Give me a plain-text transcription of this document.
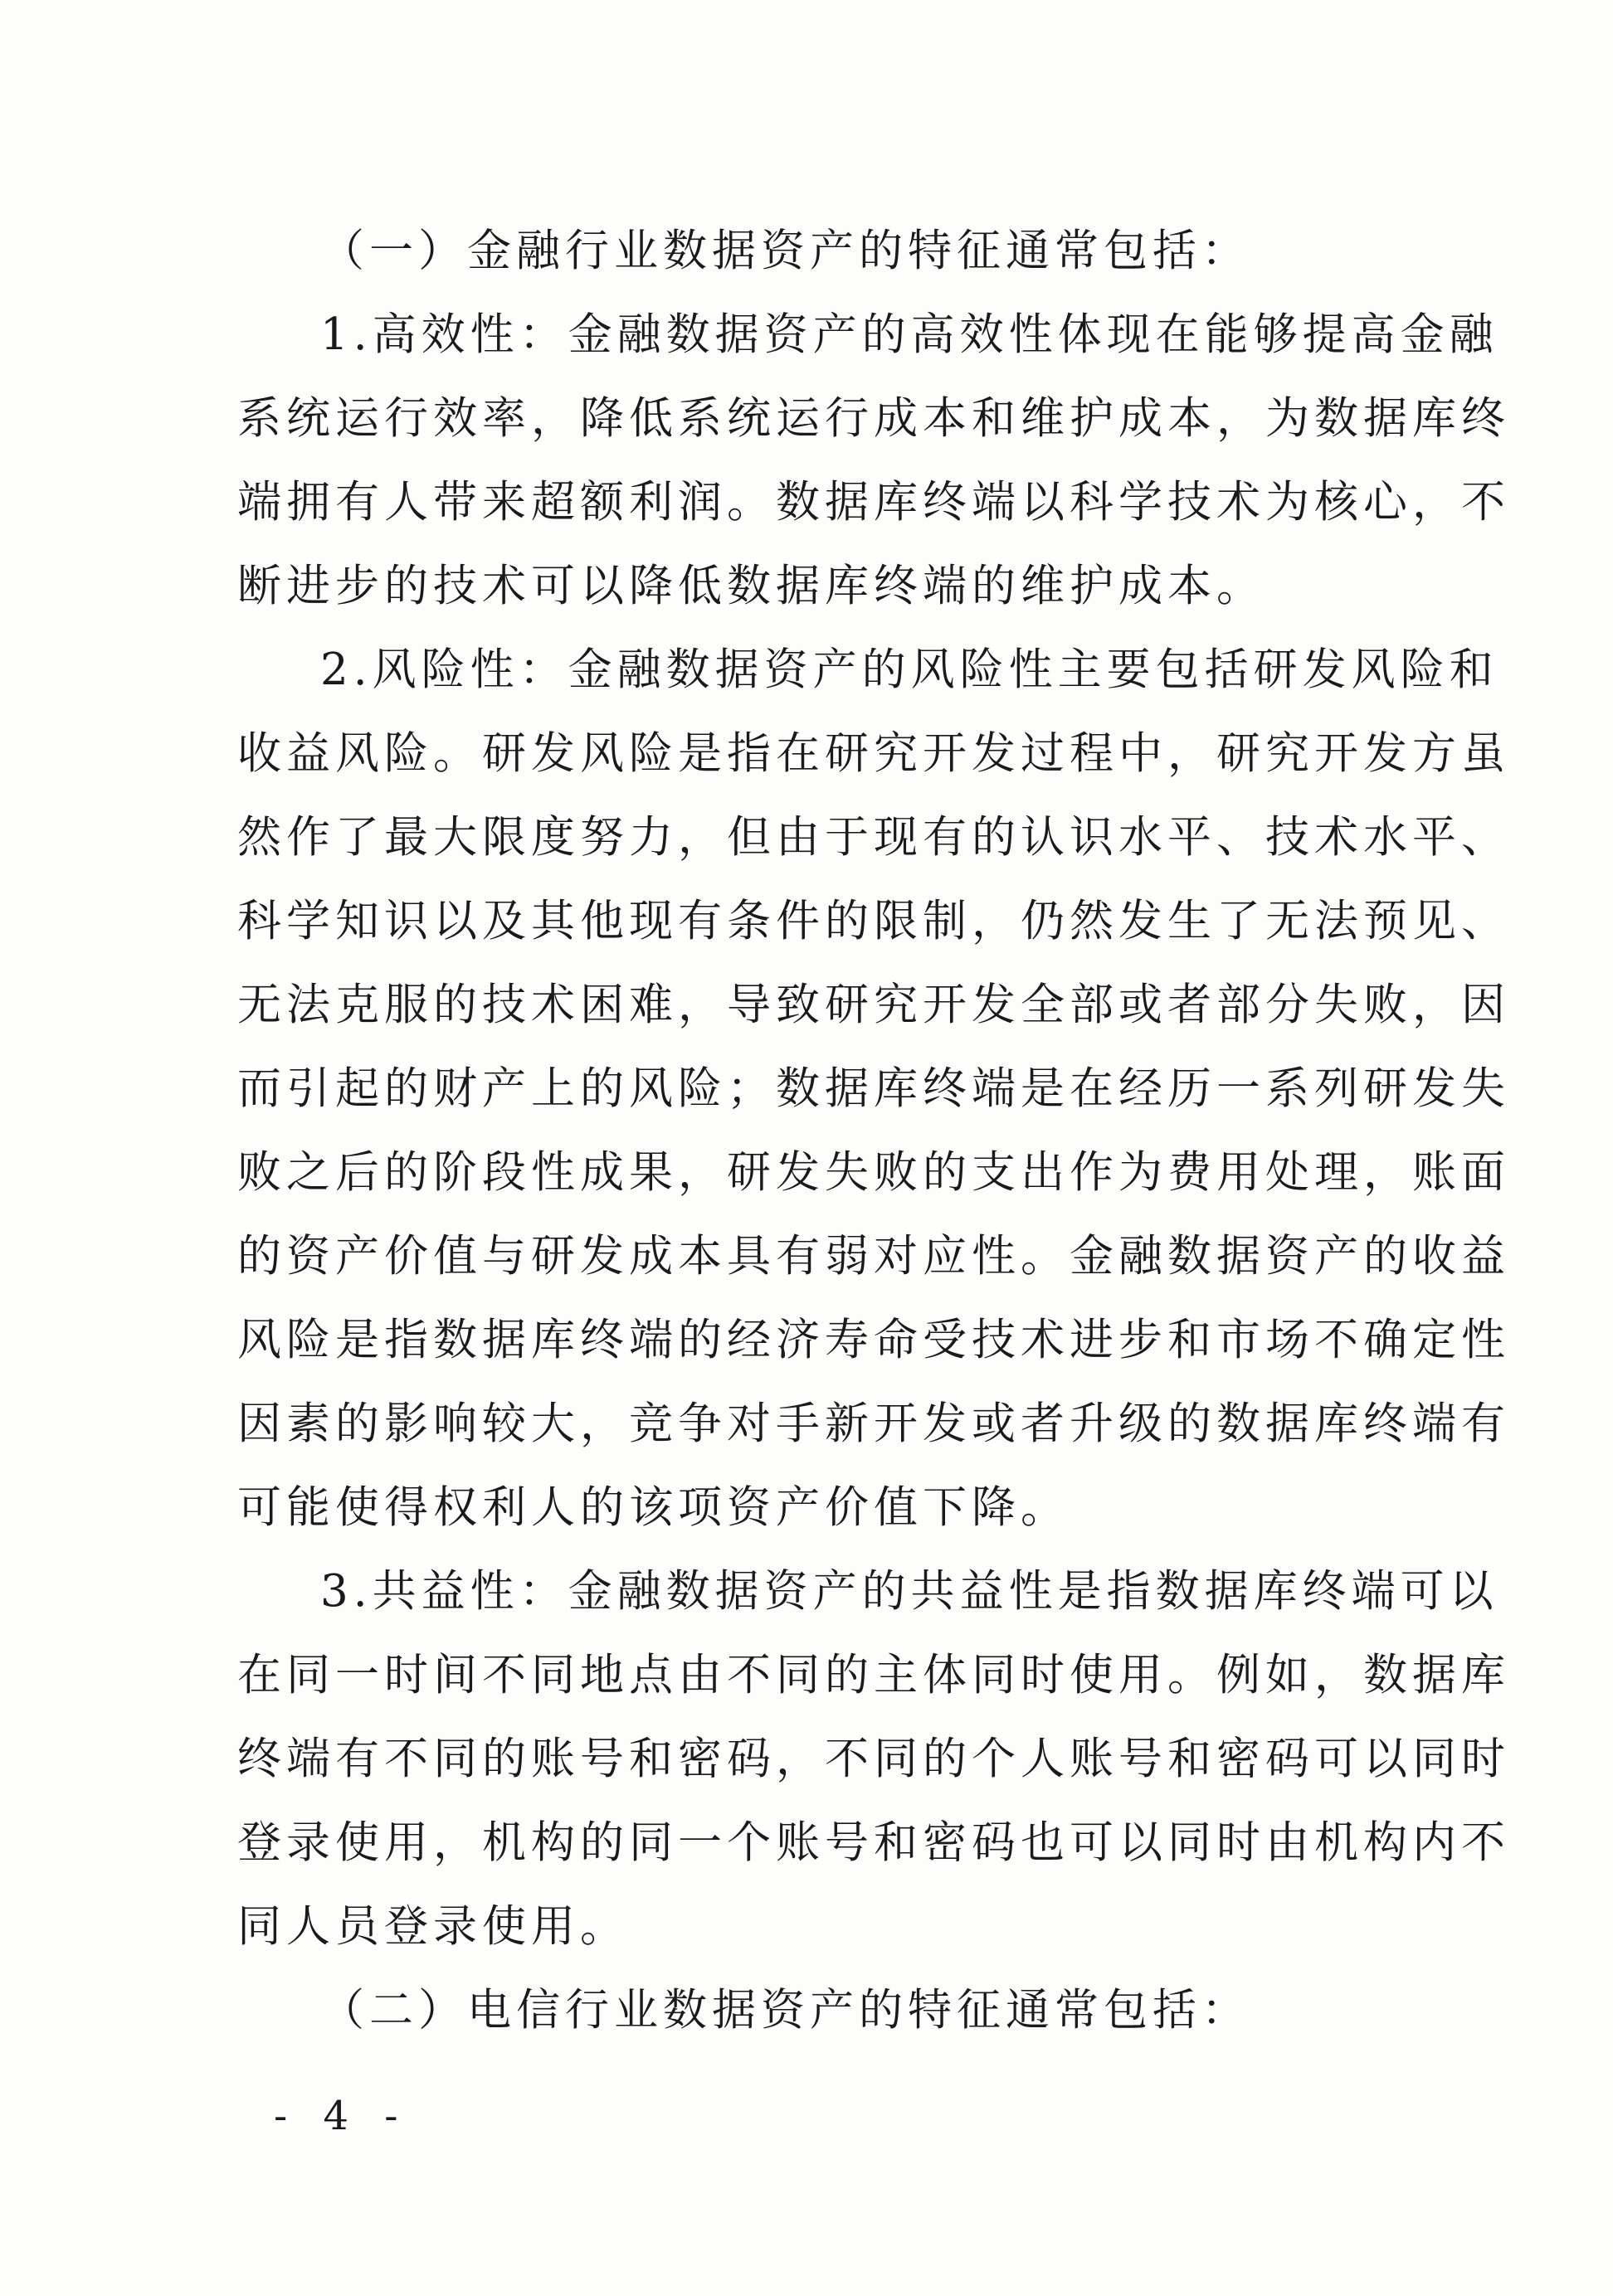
（一）金融行业数据资产的特征通常包括：
1.高效性：金融数据资产的高效性体现在能够提高金融
系统运行效率，降低系统运行成本和维护成本，为数据库终
端拥有人带来超额利润。数据库终端以科学技术为核心，不
断进步的技术可以降低数据库终端的维护成本。
2.风险性：金融数据资产的风险性主要包括研发风险和
收益风险。研发风险是指在研究开发过程中，研究开发方虽
然作了最大限度努力，但由于现有的认识水平、技术水平、
科学知识以及其他现有条件的限制，仍然发生了无法预见、
无法克服的技术困难，导致研究开发全部或者部分失败，因
而引起的财产上的风险；数据库终端是在经历一系列研发失
败之后的阶段性成果，研发失败的支出作为费用处理，账面
的资产价值与研发成本具有弱对应性。金融数据资产的收益
风险是指数据库终端的经济寿命受技术进步和市场不确定性
因素的影响较大，竞争对手新开发或者升级的数据库终端有
可能使得权利人的该项资产价值下降。
3.共益性：金融数据资产的共益性是指数据库终端可以
在同一时间不同地点由不同的主体同时使用。例如，数据库
终端有不同的账号和密码，不同的个人账号和密码可以同时
登录使用，机构的同一个账号和密码也可以同时由机构内不
同人员登录使用。
（二）电信行业数据资产的特征通常包括：
- 4 -
